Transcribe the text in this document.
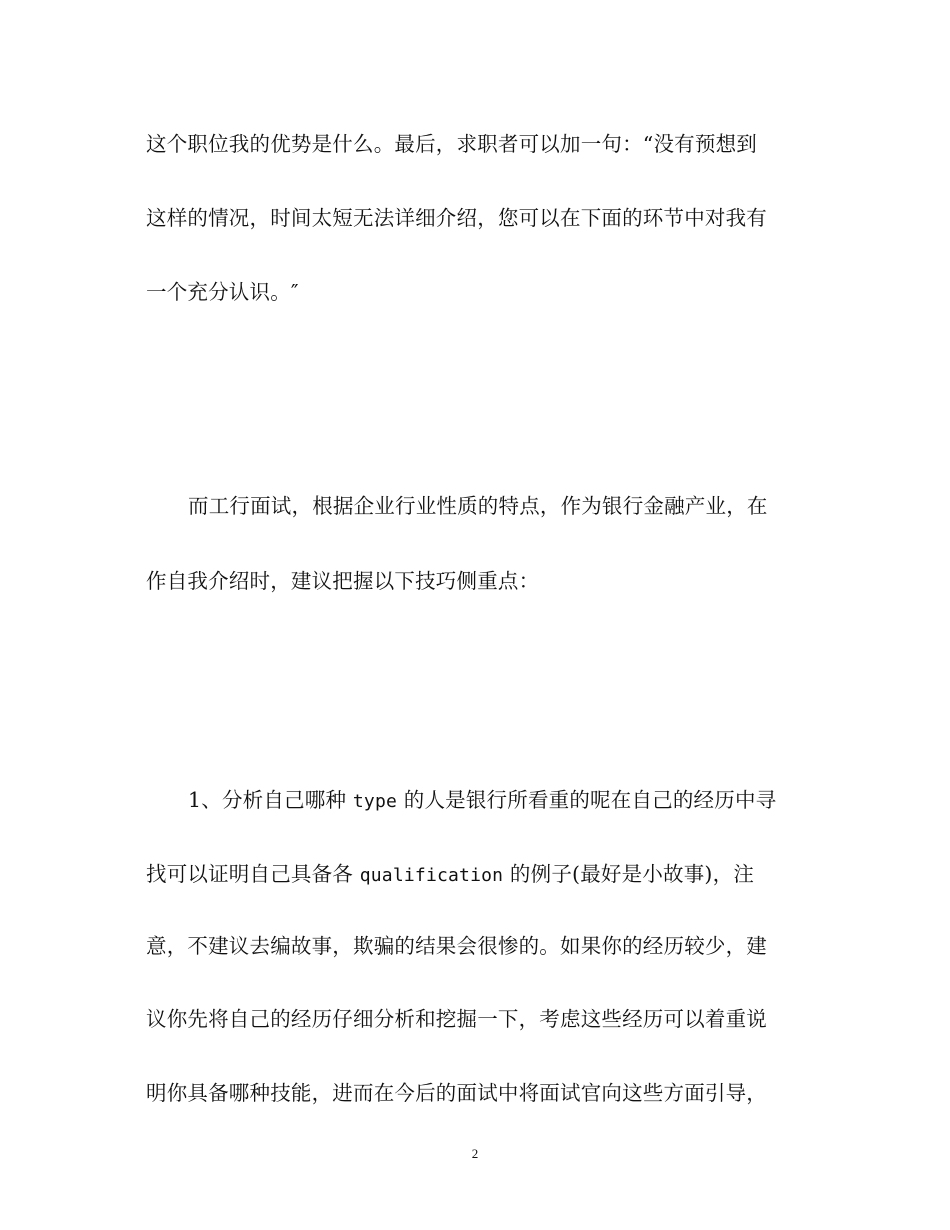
这个职位我的优势是什么。最后，求职者可以加一句：“没有预想到
这样的情况，时间太短无法详细介绍，您可以在下面的环节中对我有
一个充分认识。″
而工行面试，根据企业行业性质的特点，作为银行金融产业，在
作自我介绍时，建议把握以下技巧侧重点：
1、分析自己哪种 type 的人是银行所看重的呢在自己的经历中寻
找可以证明自己具备各 qualification 的例子(最好是小故事)，注
意，不建议去编故事，欺骗的结果会很惨的。如果你的经历较少，建
议你先将自己的经历仔细分析和挖掘一下，考虑这些经历可以着重说
明你具备哪种技能，进而在今后的面试中将面试官向这些方面引导，
2
